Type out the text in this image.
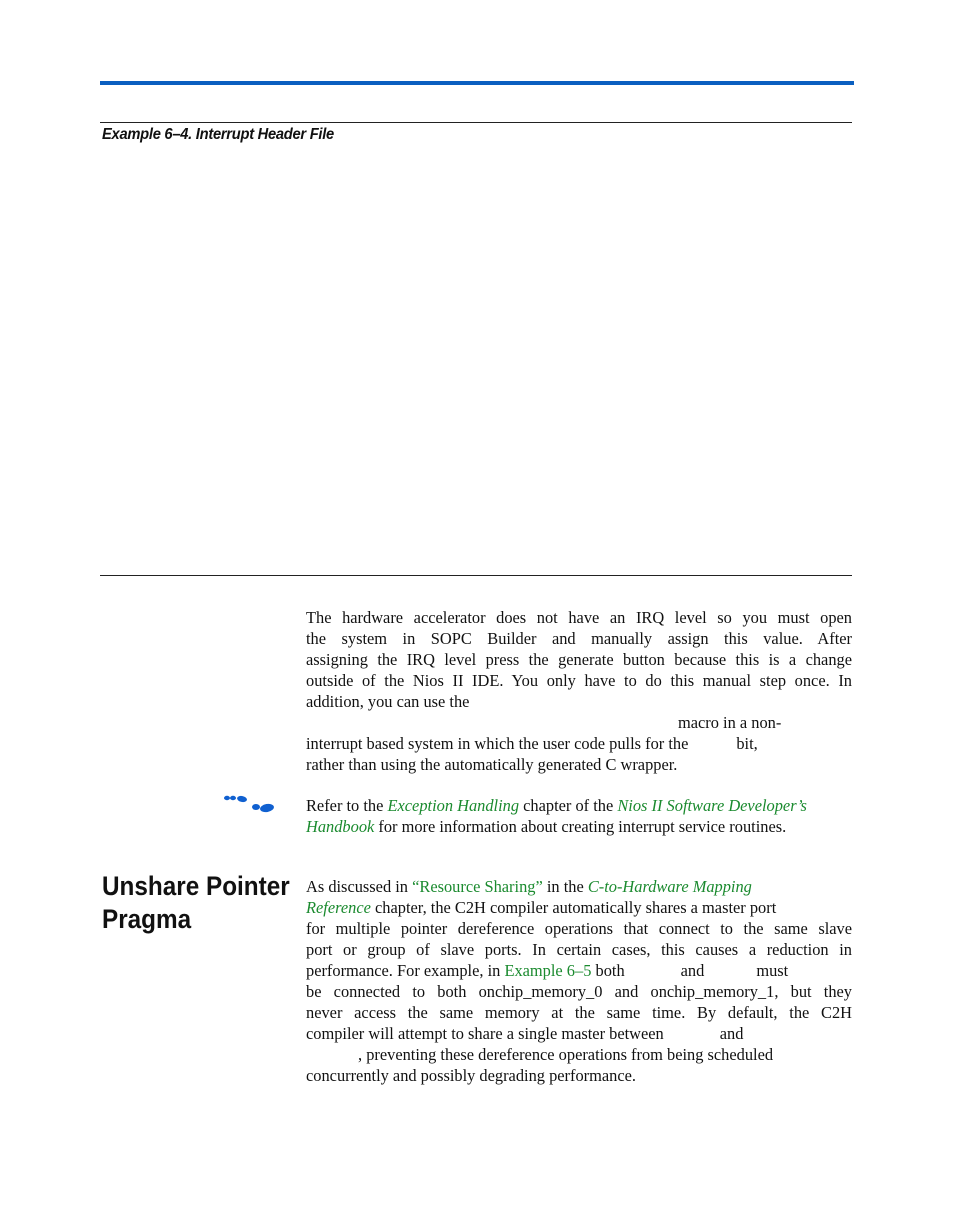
Example 6–4. Interrupt Header File

The hardware accelerator does not have an IRQ level so you must open
the system in SOPC Builder and manually assign this value. After
assigning the IRQ level press the generate button because this is a change
outside of the Nios II IDE. You only have to do this manual step once. In
addition, you can use the
macro in a non-
interrupt based system in which the user code pulls for the	bit,
rather than using the automatically generated C wrapper.
Refer to the Exception Handling chapter of the Nios II Software Developer’s
Handbook for more information about creating interrupt service routines.
Unshare Pointer
Pragma
As discussed in “Resource Sharing” in the C-to-Hardware Mapping
Reference chapter, the C2H compiler automatically shares a master port
for multiple pointer dereference operations that connect to the same slave
port or group of slave ports. In certain cases, this causes a reduction in
performance. For example, in Example 6–5 both	and	must
be connected to both onchip_memory_0 and onchip_memory_1, but they
never access the same memory at the same time. By default, the C2H
compiler will attempt to share a single master between	and
, preventing these dereference operations from being scheduled
concurrently and possibly degrading performance.
